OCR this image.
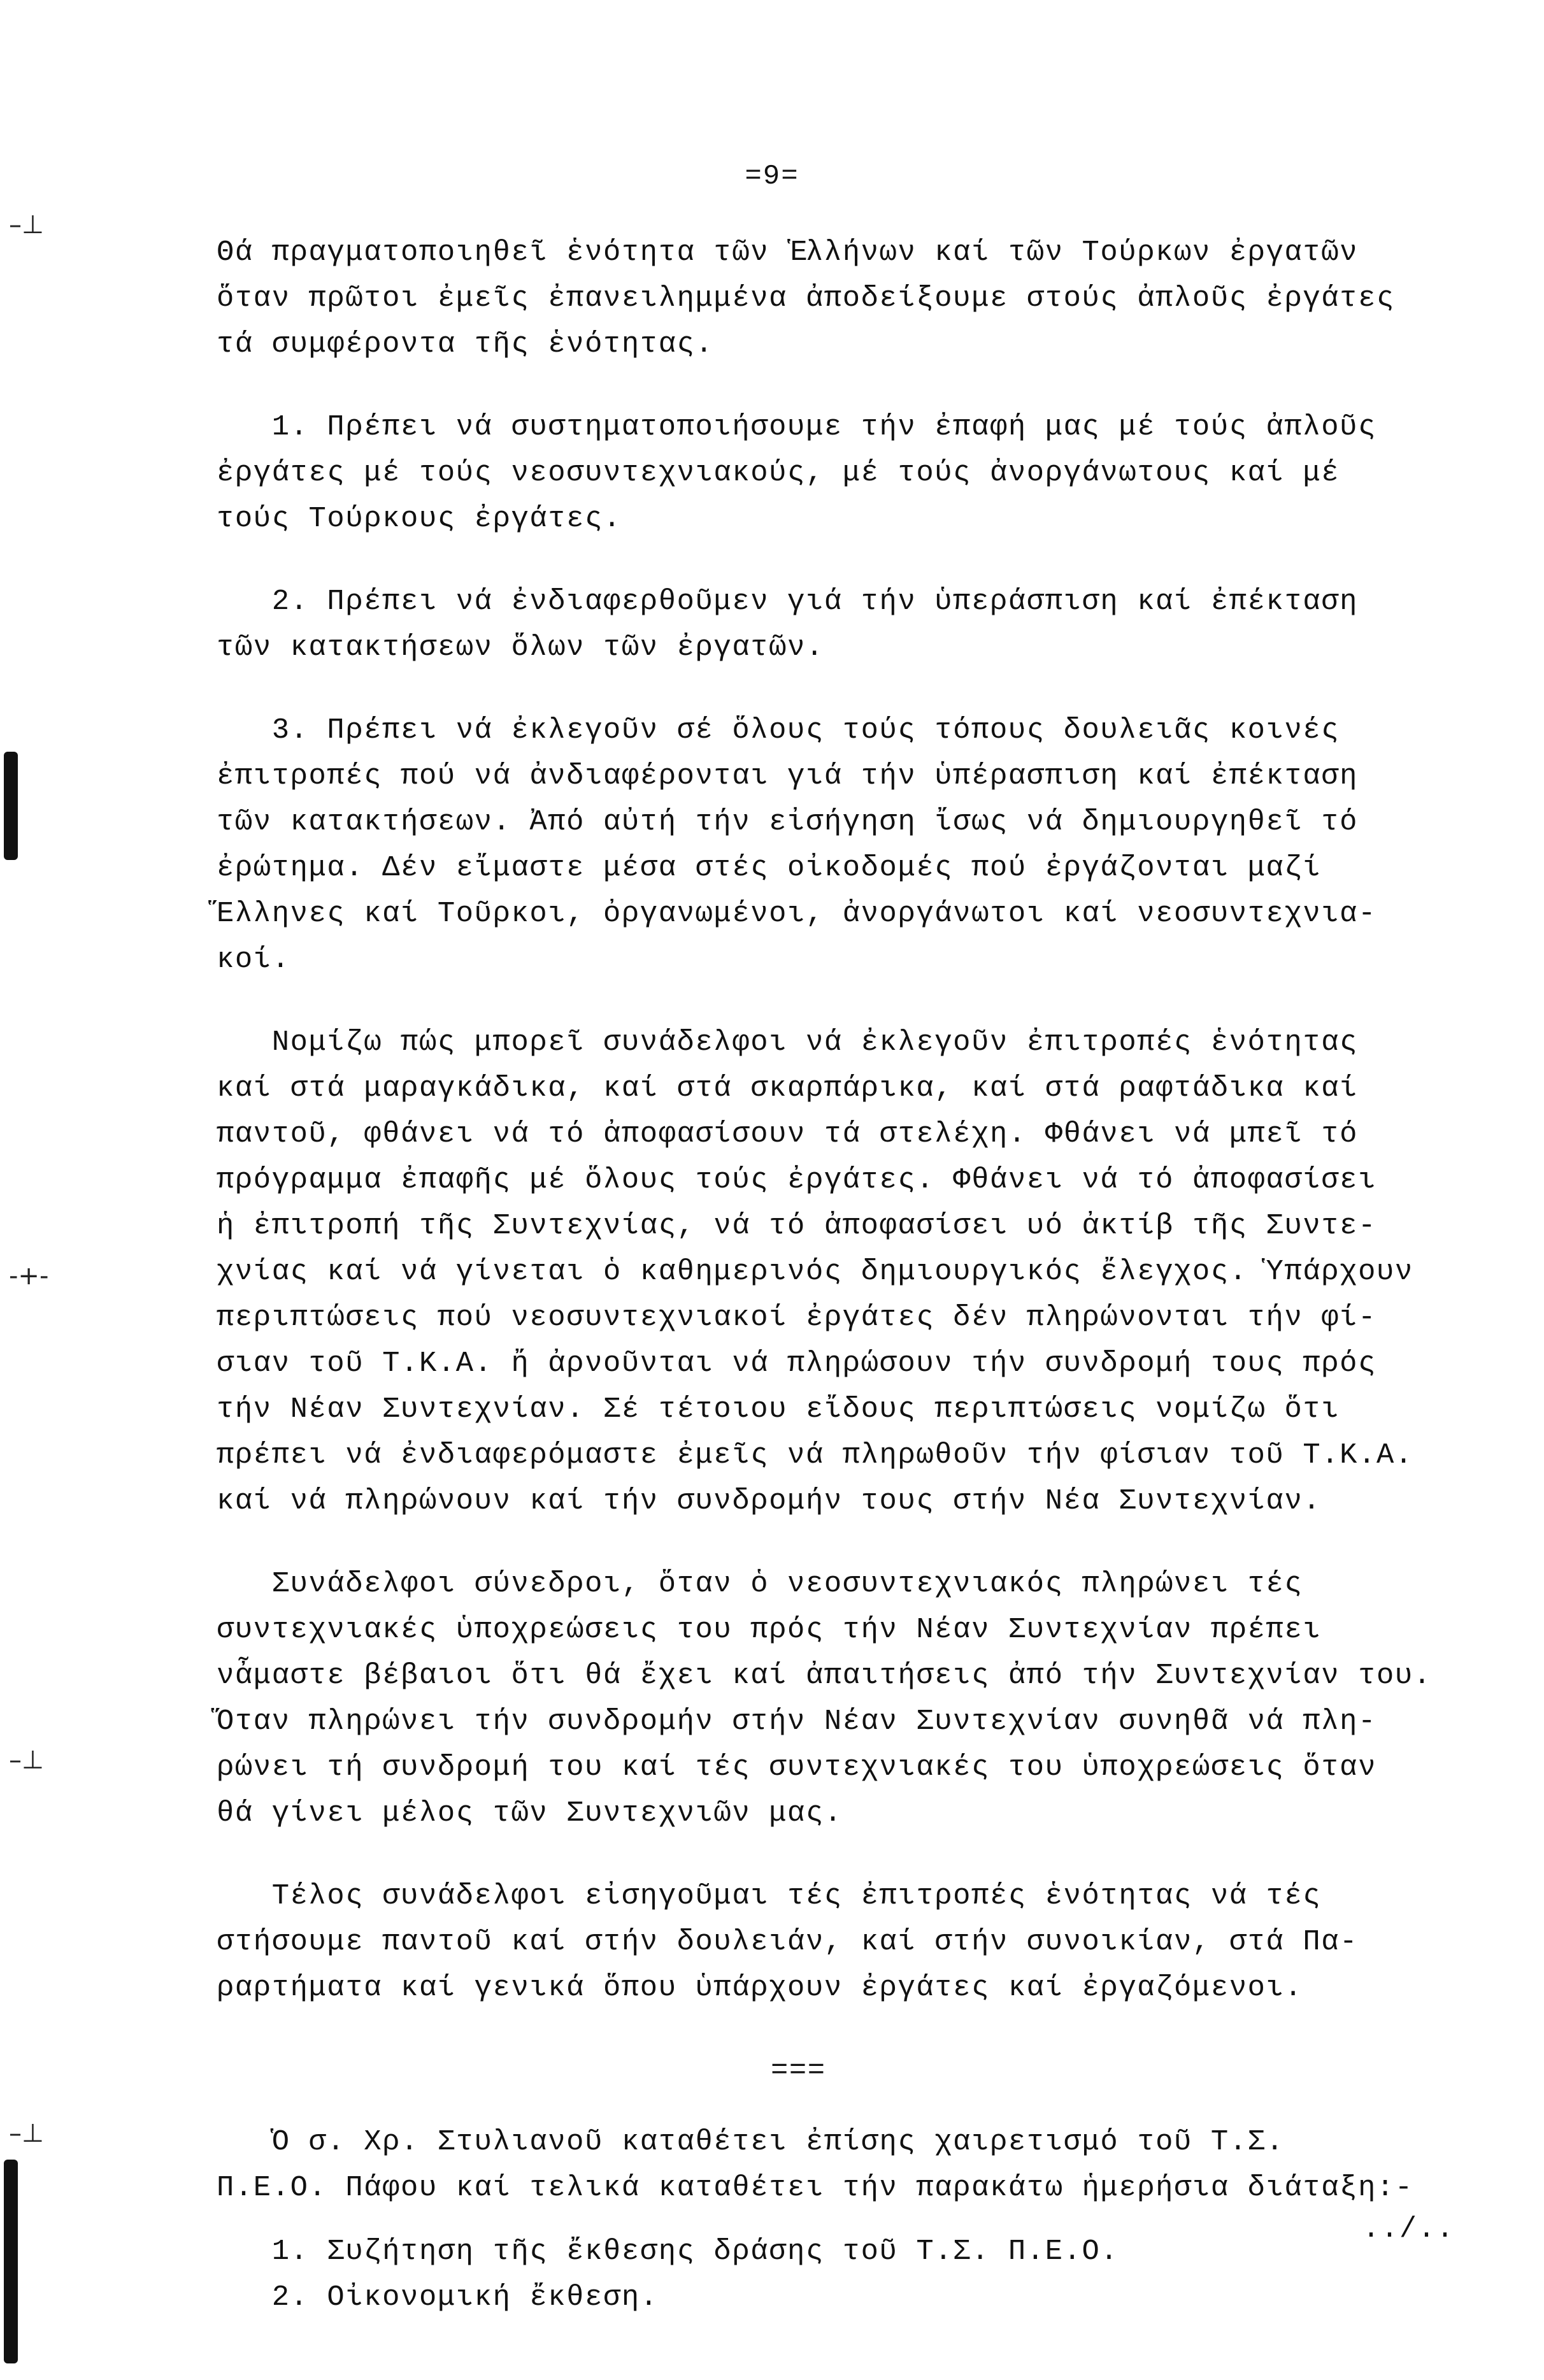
=9=
–⊥
-+-
–⊥
–⊥
Θά πραγματοποιηθεῖ ἑνότητα τῶν Ἑλλήνων καί τῶν Τούρκων ἐργατῶν
ὅταν πρῶτοι ἐμεῖς ἐπανειλημμένα ἀποδείξουμε στούς ἀπλοῦς ἐργάτες
τά συμφέροντα τῆς ἑνότητας.
1. Πρέπει νά συστηματοποιήσουμε τήν ἐπαφή μας μέ τούς ἀπλοῦς
ἐργάτες μέ τούς νεοσυντεχνιακούς, μέ τούς ἀνοργάνωτους καί μέ
τούς Τούρκους ἐργάτες.
2. Πρέπει νά ἐνδιαφερθοῦμεν γιά τήν ὑπεράσπιση καί ἐπέκταση
τῶν κατακτήσεων ὅλων τῶν ἐργατῶν.
3. Πρέπει νά ἐκλεγοῦν σέ ὅλους τούς τόπους δουλειᾶς κοινές
ἐπιτροπές πού νά ἀνδιαφέρονται γιά τήν ὑπέρασπιση καί ἐπέκταση
τῶν κατακτήσεων. Ἀπό αὐτή τήν εἰσήγηση ἴσως νά δημιουργηθεῖ τό
ἐρώτημα. Δέν εἴμαστε μέσα στές οἰκοδομές πού ἐργάζονται μαζί
Ἕλληνες καί Τοῦρκοι, ὀργανωμένοι, ἀνοργάνωτοι καί νεοσυντεχνια-
κοί.
Νομίζω πώς μπορεῖ συνάδελφοι νά ἐκλεγοῦν ἐπιτροπές ἑνότητας
καί στά μαραγκάδικα, καί στά σκαρπάρικα, καί στά ραφτάδικα καί
παντοῦ, φθάνει νά τό ἀποφασίσουν τά στελέχη. Φθάνει νά μπεῖ τό
πρόγραμμα ἐπαφῆς μέ ὅλους τούς ἐργάτες. Φθάνει νά τό ἀποφασίσει
ἡ ἐπιτροπή τῆς Συντεχνίας, νά τό ἀποφασίσει υό ἀκτίβ τῆς Συντε-
χνίας καί νά γίνεται ὁ καθημερινός δημιουργικός ἔλεγχος. Ὑπάρχουν
περιπτώσεις πού νεοσυντεχνιακοί ἐργάτες δέν πληρώνονται τήν φί-
σιαν τοῦ Τ.Κ.Α. ἤ ἀρνοῦνται νά πληρώσουν τήν συνδρομή τους πρός
τήν Νέαν Συντεχνίαν. Σέ τέτοιου εἴδους περιπτώσεις νομίζω ὅτι
πρέπει νά ἐνδιαφερόμαστε ἐμεῖς νά πληρωθοῦν τήν φίσιαν τοῦ Τ.Κ.Α.
καί νά πληρώνουν καί τήν συνδρομήν τους στήν Νέα Συντεχνίαν.
Συνάδελφοι σύνεδροι, ὅταν ὁ νεοσυντεχνιακός πληρώνει τές
συντεχνιακές ὑποχρεώσεις του πρός τήν Νέαν Συντεχνίαν πρέπει
νἆμαστε βέβαιοι ὅτι θά ἔχει καί ἀπαιτήσεις ἀπό τήν Συντεχνίαν του.
Ὅταν πληρώνει τήν συνδρομήν στήν Νέαν Συντεχνίαν συνηθᾶ νά πλη-
ρώνει τή συνδρομή του καί τές συντεχνιακές του ὑποχρεώσεις ὅταν
θά γίνει μέλος τῶν Συντεχνιῶν μας.
Τέλος συνάδελφοι εἰσηγοῦμαι τές ἐπιτροπές ἑνότητας νά τές
στήσουμε παντοῦ καί στήν δουλειάν, καί στήν συνοικίαν, στά Πα-
ραρτήματα καί γενικά ὅπου ὑπάρχουν ἐργάτες καί ἐργαζόμενοι.
===
Ὁ σ. Χρ. Στυλιανοῦ καταθέτει ἐπίσης χαιρετισμό τοῦ Τ.Σ.
Π.Ε.Ο. Πάφου καί τελικά καταθέτει τήν παρακάτω ἡμερήσια διάταξη:-
1. Συζήτηση τῆς ἔκθεσης δράσης τοῦ Τ.Σ. Π.Ε.Ο.
2. Οἰκονομική ἔκθεση.
../..
